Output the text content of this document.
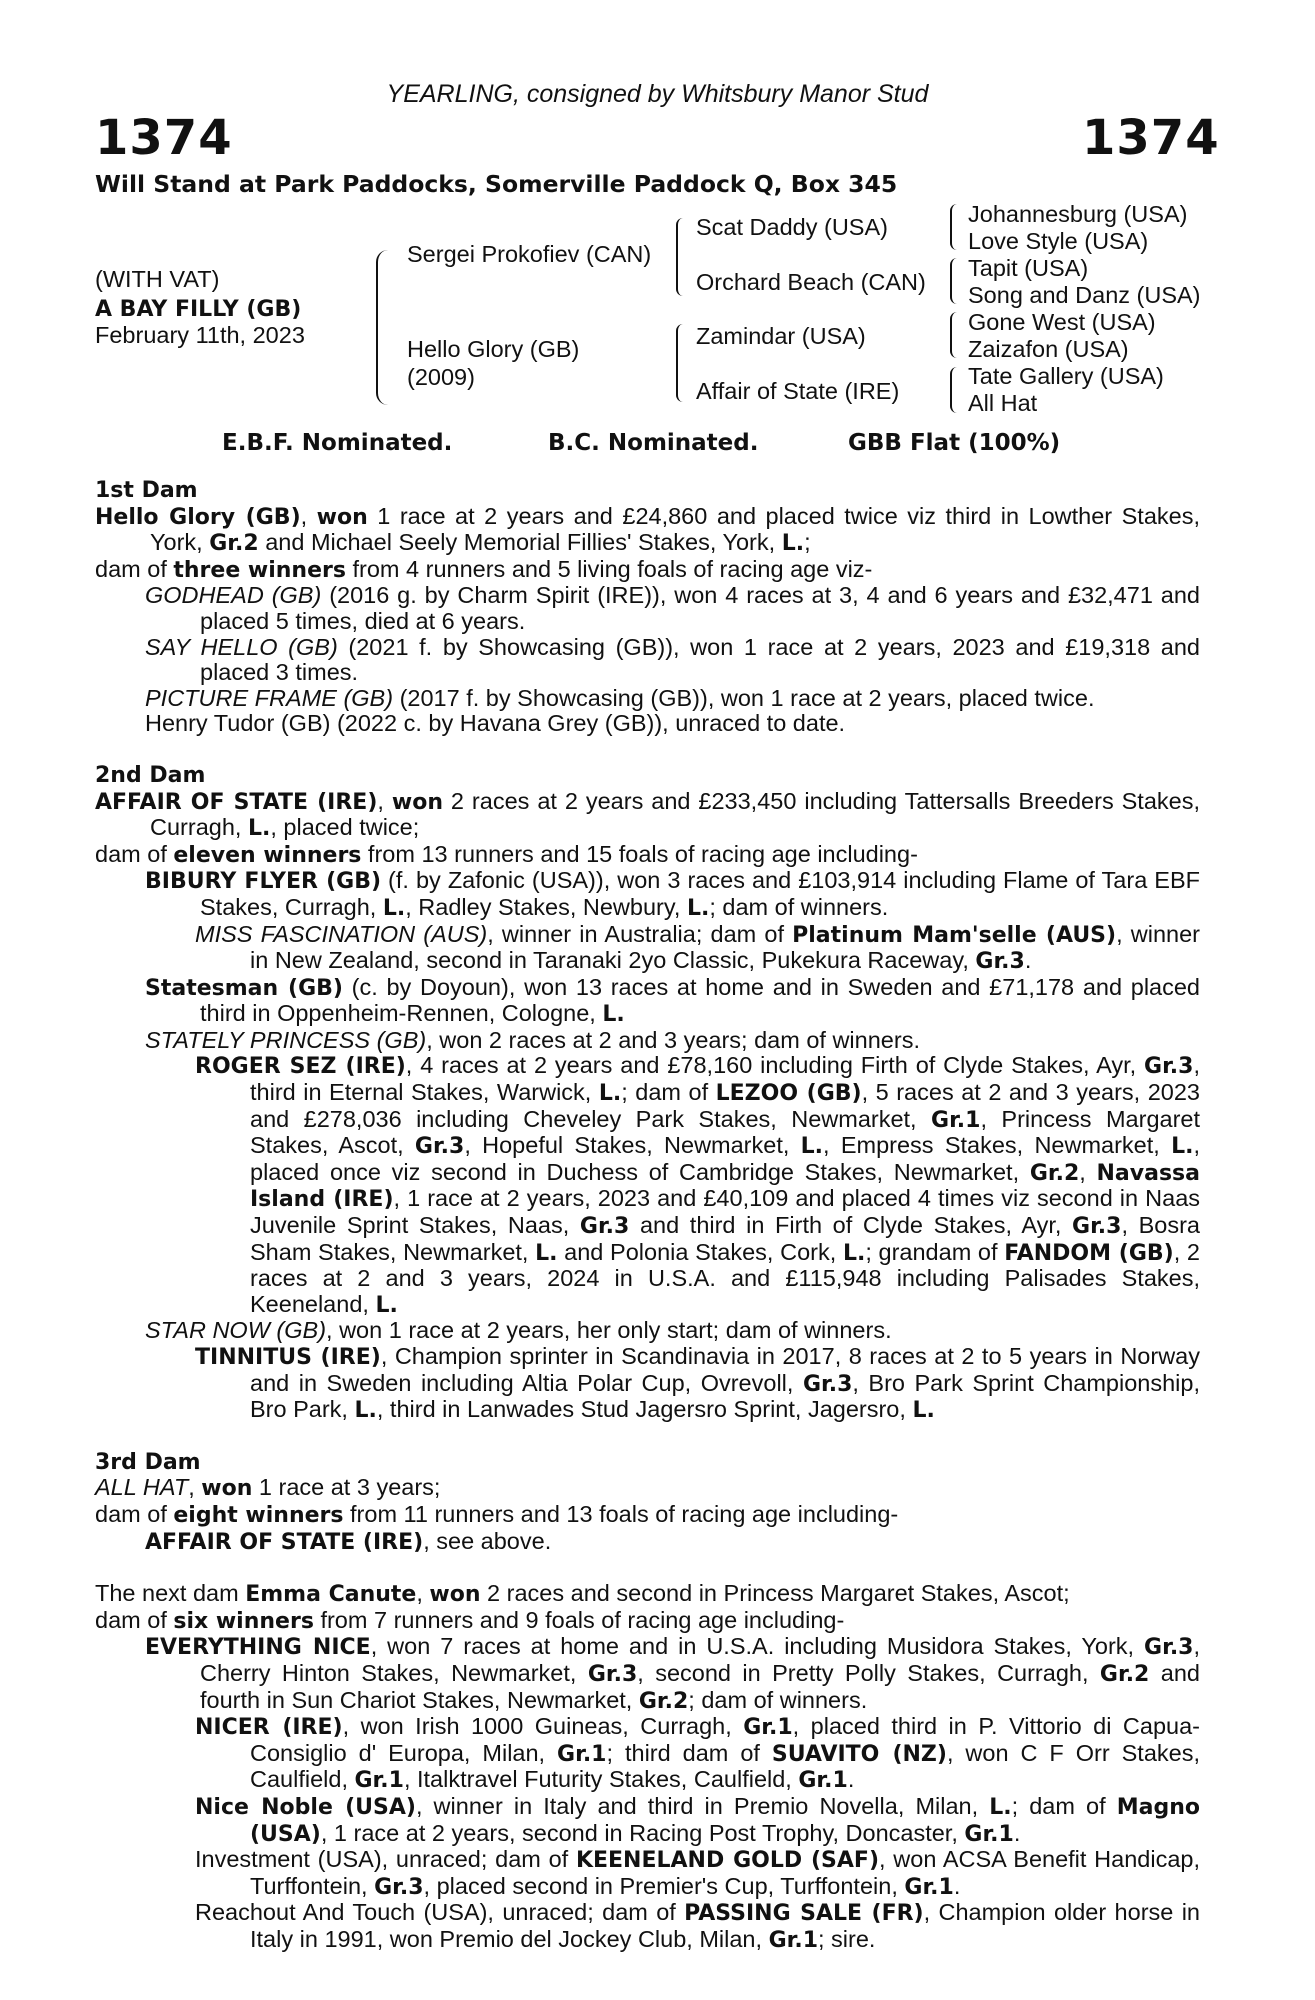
YEARLING, consigned by Whitsbury Manor Stud
1374	1374
Will Stand at Park Paddocks, Somerville Paddock Q, Box 345
(WITH VAT)
A BAY FILLY (GB)
February 11th, 2023
Sergei Prokofiev (CAN)
Hello Glory (GB)
(2009)
Scat Daddy (USA)
Orchard Beach (CAN)
Zamindar (USA)
Affair of State (IRE)
Johannesburg (USA)
Love Style (USA)
Tapit (USA)
Song and Danz (USA)
Gone West (USA)
Zaizafon (USA)
Tate Gallery (USA)
All Hat
E.B.F. Nominated.	B.C. Nominated.	GBB Flat (100%)

1st Dam

Hello Glory (GB), won 1 race at 2 years and £24,860 and placed twice viz third in Lowther Stakes, York, Gr.2 and Michael Seely Memorial Fillies' Stakes, York, L.;

dam of three winners from 4 runners and 5 living foals of racing age viz-

GODHEAD (GB) (2016 g. by Charm Spirit (IRE)), won 4 races at 3, 4 and 6 years and £32,471 and placed 5 times, died at 6 years.

SAY HELLO (GB) (2021 f. by Showcasing (GB)), won 1 race at 2 years, 2023 and £19,318 and placed 3 times.

PICTURE FRAME (GB) (2017 f. by Showcasing (GB)), won 1 race at 2 years, placed twice.

Henry Tudor (GB) (2022 c. by Havana Grey (GB)), unraced to date.

2nd Dam

AFFAIR OF STATE (IRE), won 2 races at 2 years and £233,450 including Tattersalls Breeders Stakes, Curragh, L., placed twice;

dam of eleven winners from 13 runners and 15 foals of racing age including-

BIBURY FLYER (GB) (f. by Zafonic (USA)), won 3 races and £103,914 including Flame of Tara EBF Stakes, Curragh, L., Radley Stakes, Newbury, L.; dam of winners.

MISS FASCINATION (AUS), winner in Australia; dam of Platinum Mam'selle (AUS), winner in New Zealand, second in Taranaki 2yo Classic, Pukekura Raceway, Gr.3.

Statesman (GB) (c. by Doyoun), won 13 races at home and in Sweden and £71,178 and placed third in Oppenheim-Rennen, Cologne, L.

STATELY PRINCESS (GB), won 2 races at 2 and 3 years; dam of winners.

ROGER SEZ (IRE), 4 races at 2 years and £78,160 including Firth of Clyde Stakes, Ayr, Gr.3, third in Eternal Stakes, Warwick, L.; dam of LEZOO (GB), 5 races at 2 and 3 years, 2023 and £278,036 including Cheveley Park Stakes, Newmarket, Gr.1, Princess Margaret Stakes, Ascot, Gr.3, Hopeful Stakes, Newmarket, L., Empress Stakes, Newmarket, L., placed once viz second in Duchess of Cambridge Stakes, Newmarket, Gr.2, Navassa Island (IRE), 1 race at 2 years, 2023 and £40,109 and placed 4 times viz second in Naas Juvenile Sprint Stakes, Naas, Gr.3 and third in Firth of Clyde Stakes, Ayr, Gr.3, Bosra Sham Stakes, Newmarket, L. and Polonia Stakes, Cork, L.; grandam of FANDOM (GB), 2 races at 2 and 3 years, 2024 in U.S.A. and £115,948 including Palisades Stakes, Keeneland, L.

STAR NOW (GB), won 1 race at 2 years, her only start; dam of winners.

TINNITUS (IRE), Champion sprinter in Scandinavia in 2017, 8 races at 2 to 5 years in Norway and in Sweden including Altia Polar Cup, Ovrevoll, Gr.3, Bro Park Sprint Championship, Bro Park, L., third in Lanwades Stud Jagersro Sprint, Jagersro, L.

3rd Dam

ALL HAT, won 1 race at 3 years;

dam of eight winners from 11 runners and 13 foals of racing age including-

AFFAIR OF STATE (IRE), see above.

The next dam Emma Canute, won 2 races and second in Princess Margaret Stakes, Ascot;

dam of six winners from 7 runners and 9 foals of racing age including-

EVERYTHING NICE, won 7 races at home and in U.S.A. including Musidora Stakes, York, Gr.3, Cherry Hinton Stakes, Newmarket, Gr.3, second in Pretty Polly Stakes, Curragh, Gr.2 and fourth in Sun Chariot Stakes, Newmarket, Gr.2; dam of winners.

NICER (IRE), won Irish 1000 Guineas, Curragh, Gr.1, placed third in P. Vittorio di Capua-Consiglio d' Europa, Milan, Gr.1; third dam of SUAVITO (NZ), won C F Orr Stakes, Caulfield, Gr.1, Italktravel Futurity Stakes, Caulfield, Gr.1.

Nice Noble (USA), winner in Italy and third in Premio Novella, Milan, L.; dam of Magno (USA), 1 race at 2 years, second in Racing Post Trophy, Doncaster, Gr.1.

Investment (USA), unraced; dam of KEENELAND GOLD (SAF), won ACSA Benefit Handicap, Turffontein, Gr.3, placed second in Premier's Cup, Turffontein, Gr.1.

Reachout And Touch (USA), unraced; dam of PASSING SALE (FR), Champion older horse in Italy in 1991, won Premio del Jockey Club, Milan, Gr.1; sire.
